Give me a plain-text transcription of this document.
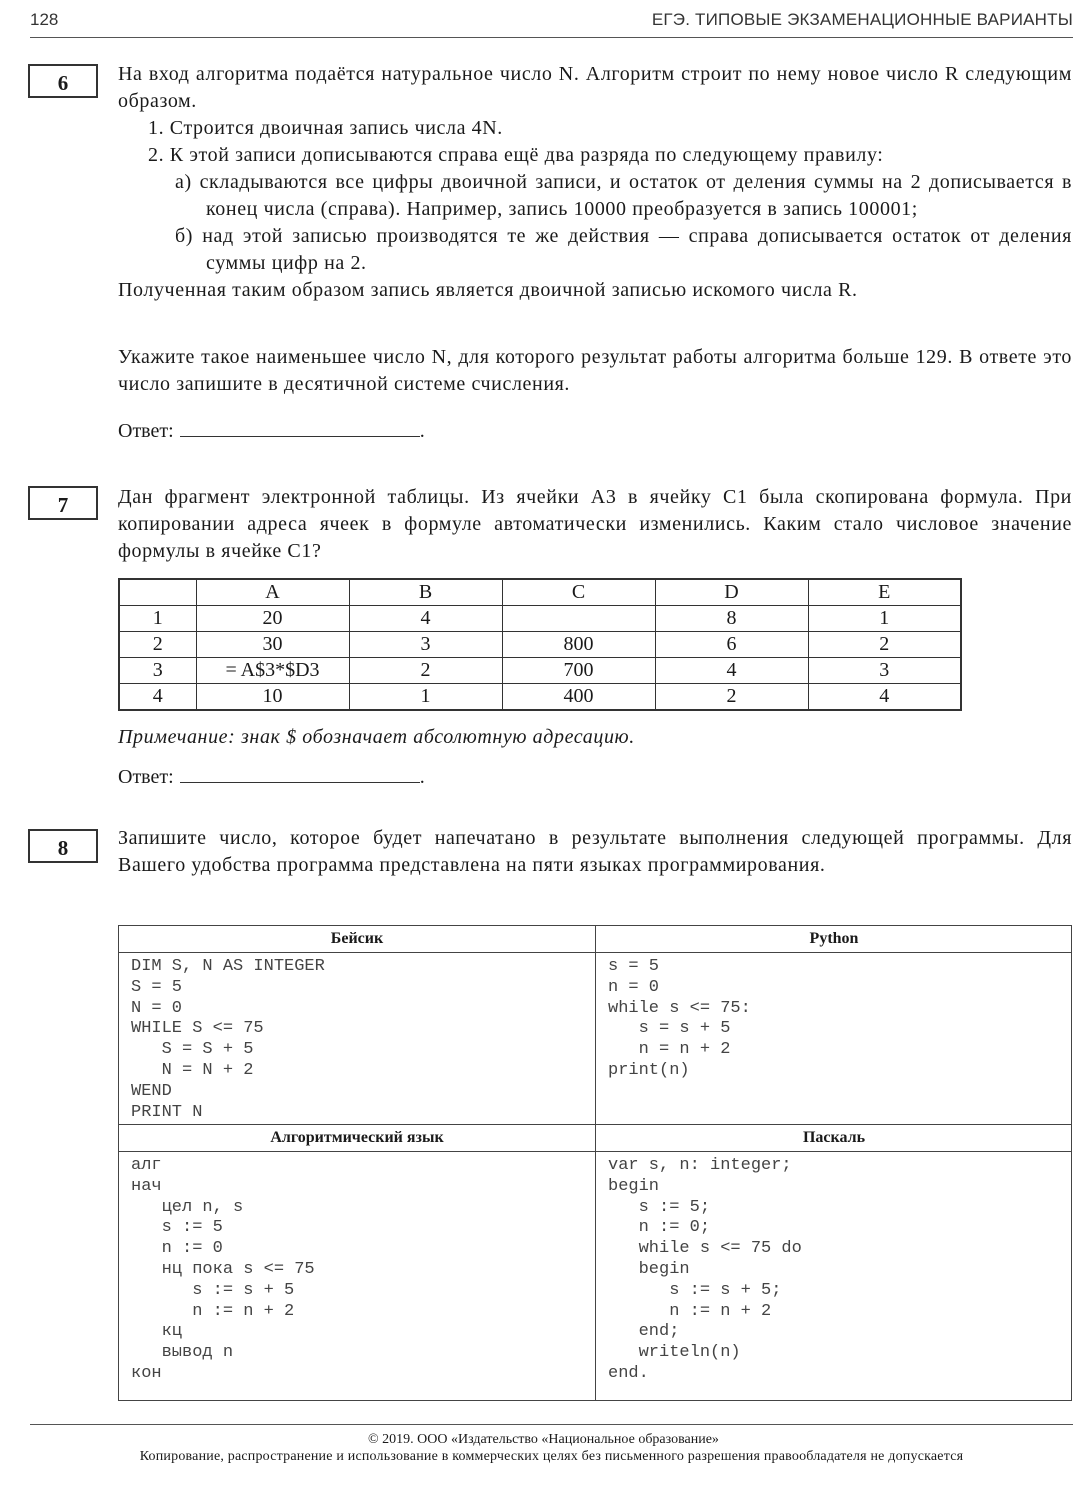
128	ЕГЭ. ТИПОВЫЕ ЭКЗАМЕНАЦИОННЫЕ ВАРИАНТЫ
6	На вход алгоритма подаётся натуральное число N. Алгоритм строит по нему новое число R следующим образом.
1. Строится двоичная запись числа 4N.
2. К этой записи дописываются справа ещё два разряда по следующему правилу:
а) складываются все цифры двоичной записи, и остаток от деления суммы на 2 дописывается в конец числа (справа). Например, запись 10000 преобразуется в запись 100001;
б) над этой записью производятся те же действия — справа дописывается остаток от деления суммы цифр на 2.
Полученная таким образом запись является двоичной записью искомого числа R.
Укажите такое наименьшее число N, для которого результат работы алгоритма больше 129. В ответе это число запишите в десятичной системе счисления.
Ответ:	.
7	Дан фрагмент электронной таблицы. Из ячейки A3 в ячейку C1 была скопирована формула. При копировании адреса ячеек в формуле автоматически изменились. Каким стало числовое значение формулы в ячейке C1?
	A	B	C	D	E
1	20	4		8	1
2	30	3	800	6	2
3	= A$3*$D3	2	700	4	3
4	10	1	400	2	4
Примечание: знак $ обозначает абсолютную адресацию.
Ответ:	.
8	Запишите число, которое будет напечатано в результате выполнения следующей программы. Для Вашего удобства программа представлена на пяти языках программирования.
Бейсик
DIM S, N AS INTEGER
S = 5
N = 0
WHILE S <= 75
S = S + 5
N = N + 2
WEND
PRINT N
Python
s = 5
n = 0
while s <= 75:
s = s + 5
n = n + 2
print(n)
Алгоритмический язык
алг
нач
цел n, s
s := 5
n := 0
нц пока s <= 75
s := s + 5
n := n + 2
кц
вывод n
кон
Паскаль
var s, n: integer;
begin
s := 5;
n := 0;
while s <= 75 do
begin
s := s + 5;
n := n + 2
end;
writeln(n)
end.
© 2019. ООО «Издательство «Национальное образование»
Копирование, распространение и использование в коммерческих целях без письменного разрешения правообладателя не допускается
